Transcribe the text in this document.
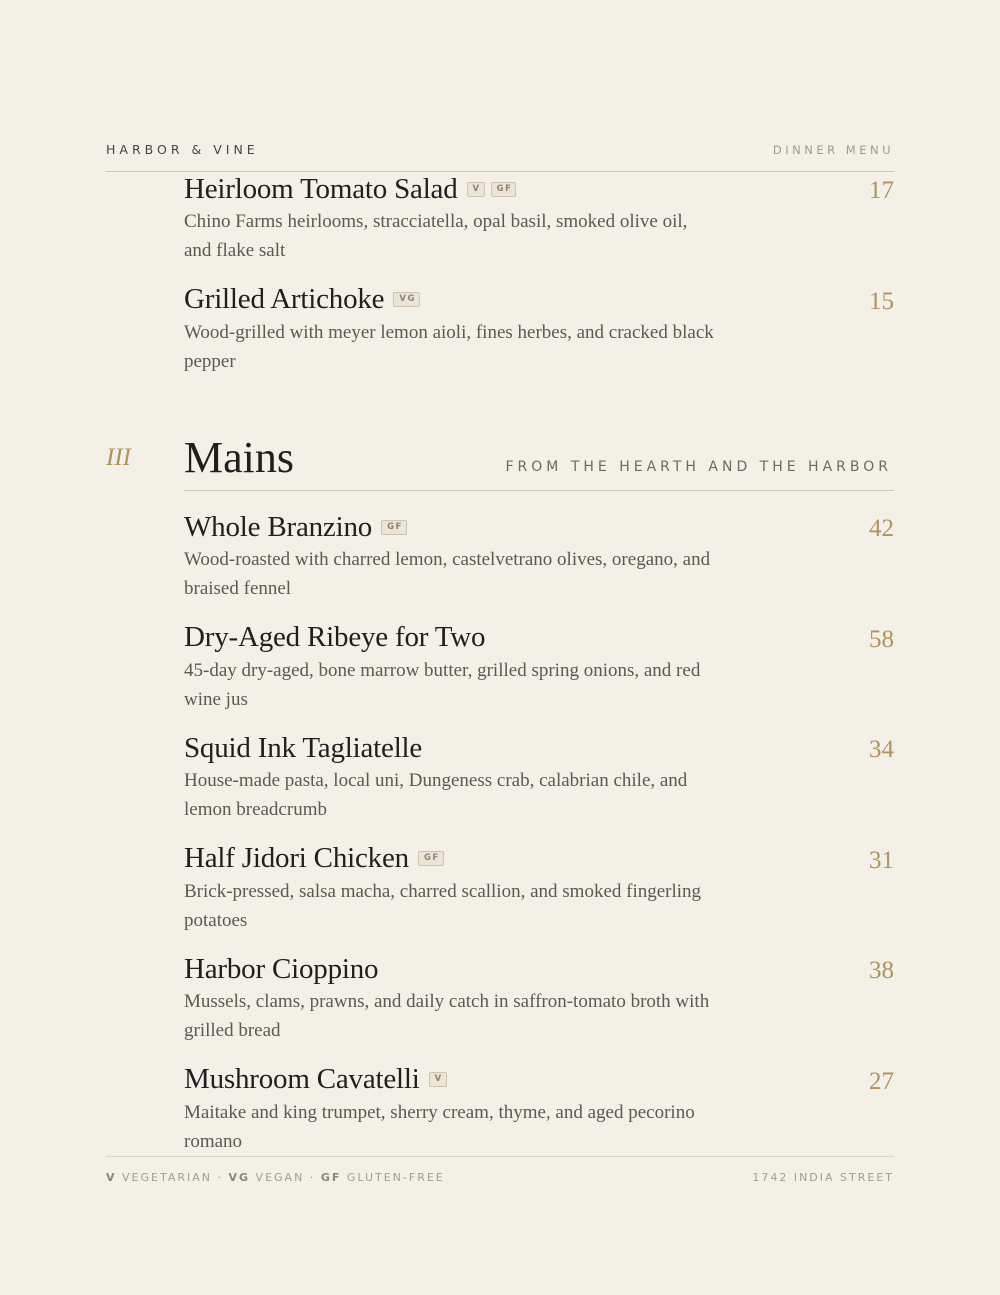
HARBOR & VINE	DINNER MENU
Heirloom Tomato Salad	V	GF	17
Chino Farms heirlooms, stracciatella, opal basil, smoked olive oil, and flake salt
Grilled Artichoke	VG	15
Wood-grilled with meyer lemon aioli, fines herbes, and cracked black pepper
III Mains	FROM THE HEARTH AND THE HARBOR
Whole Branzino	GF	42
Wood-roasted with charred lemon, castelvetrano olives, oregano, and braised fennel
Dry-Aged Ribeye for Two	58
45-day dry-aged, bone marrow butter, grilled spring onions, and red wine jus
Squid Ink Tagliatelle	34
House-made pasta, local uni, Dungeness crab, calabrian chile, and lemon breadcrumb
Half Jidori Chicken	GF	31
Brick-pressed, salsa macha, charred scallion, and smoked fingerling potatoes
Harbor Cioppino	38
Mussels, clams, prawns, and daily catch in saffron-tomato broth with grilled bread
Mushroom Cavatelli	V	27
Maitake and king trumpet, sherry cream, thyme, and aged pecorino romano
V VEGETARIAN · VG VEGAN · GF GLUTEN-FREE	1742 INDIA STREET
